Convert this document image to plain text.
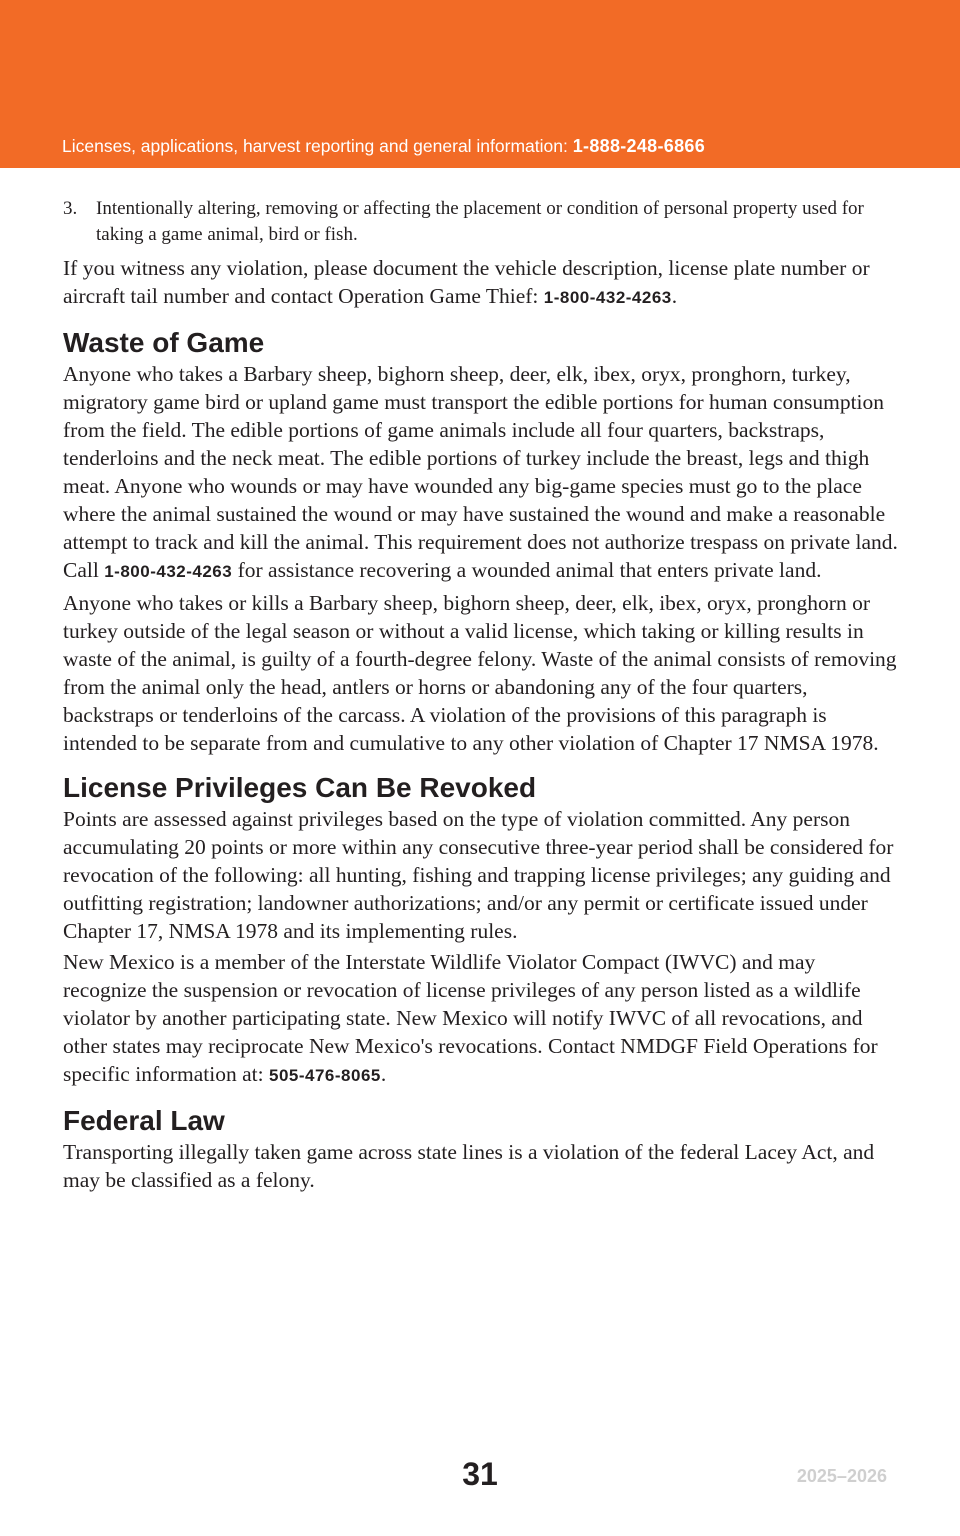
Licenses, applications, harvest reporting and general information: 1-888-248-6866
3. Intentionally altering, removing or affecting the placement or condition of personal property used for taking a game animal, bird or fish.

If you witness any violation, please document the vehicle description, license plate number or aircraft tail number and contact Operation Game Thief: 1-800-432-4263.

Waste of Game

Anyone who takes a Barbary sheep, bighorn sheep, deer, elk, ibex, oryx, pronghorn, turkey, migratory game bird or upland game must transport the edible portions for human consumption from the field. The edible portions of game animals include all four quarters, backstraps, tenderloins and the neck meat. The edible portions of turkey include the breast, legs and thigh meat. Anyone who wounds or may have wounded any big-game species must go to the place where the animal sustained the wound or may have sustained the wound and make a reasonable attempt to track and kill the animal. This requirement does not authorize trespass on private land. Call 1-800-432-4263 for assistance recovering a wounded animal that enters private land.

Anyone who takes or kills a Barbary sheep, bighorn sheep, deer, elk, ibex, oryx, pronghorn or turkey outside of the legal season or without a valid license, which taking or killing results in waste of the animal, is guilty of a fourth-degree felony. Waste of the animal consists of removing from the animal only the head, antlers or horns or abandoning any of the four quarters, backstraps or tenderloins of the carcass. A violation of the provisions of this paragraph is intended to be separate from and cumulative to any other violation of Chapter 17 NMSA 1978.

License Privileges Can Be Revoked

Points are assessed against privileges based on the type of violation committed. Any person accumulating 20 points or more within any consecutive three-year period shall be considered for revocation of the following: all hunting, fishing and trapping license privileges; any guiding and outfitting registration; landowner authorizations; and/or any permit or certificate issued under Chapter 17, NMSA 1978 and its implementing rules.

New Mexico is a member of the Interstate Wildlife Violator Compact (IWVC) and may recognize the suspension or revocation of license privileges of any person listed as a wildlife violator by another participating state. New Mexico will notify IWVC of all revocations, and other states may reciprocate New Mexico's revocations. Contact NMDGF Field Operations for specific information at: 505-476-8065.

Federal Law

Transporting illegally taken game across state lines is a violation of the federal Lacey Act, and may be classified as a felony.

31	2025–2026
